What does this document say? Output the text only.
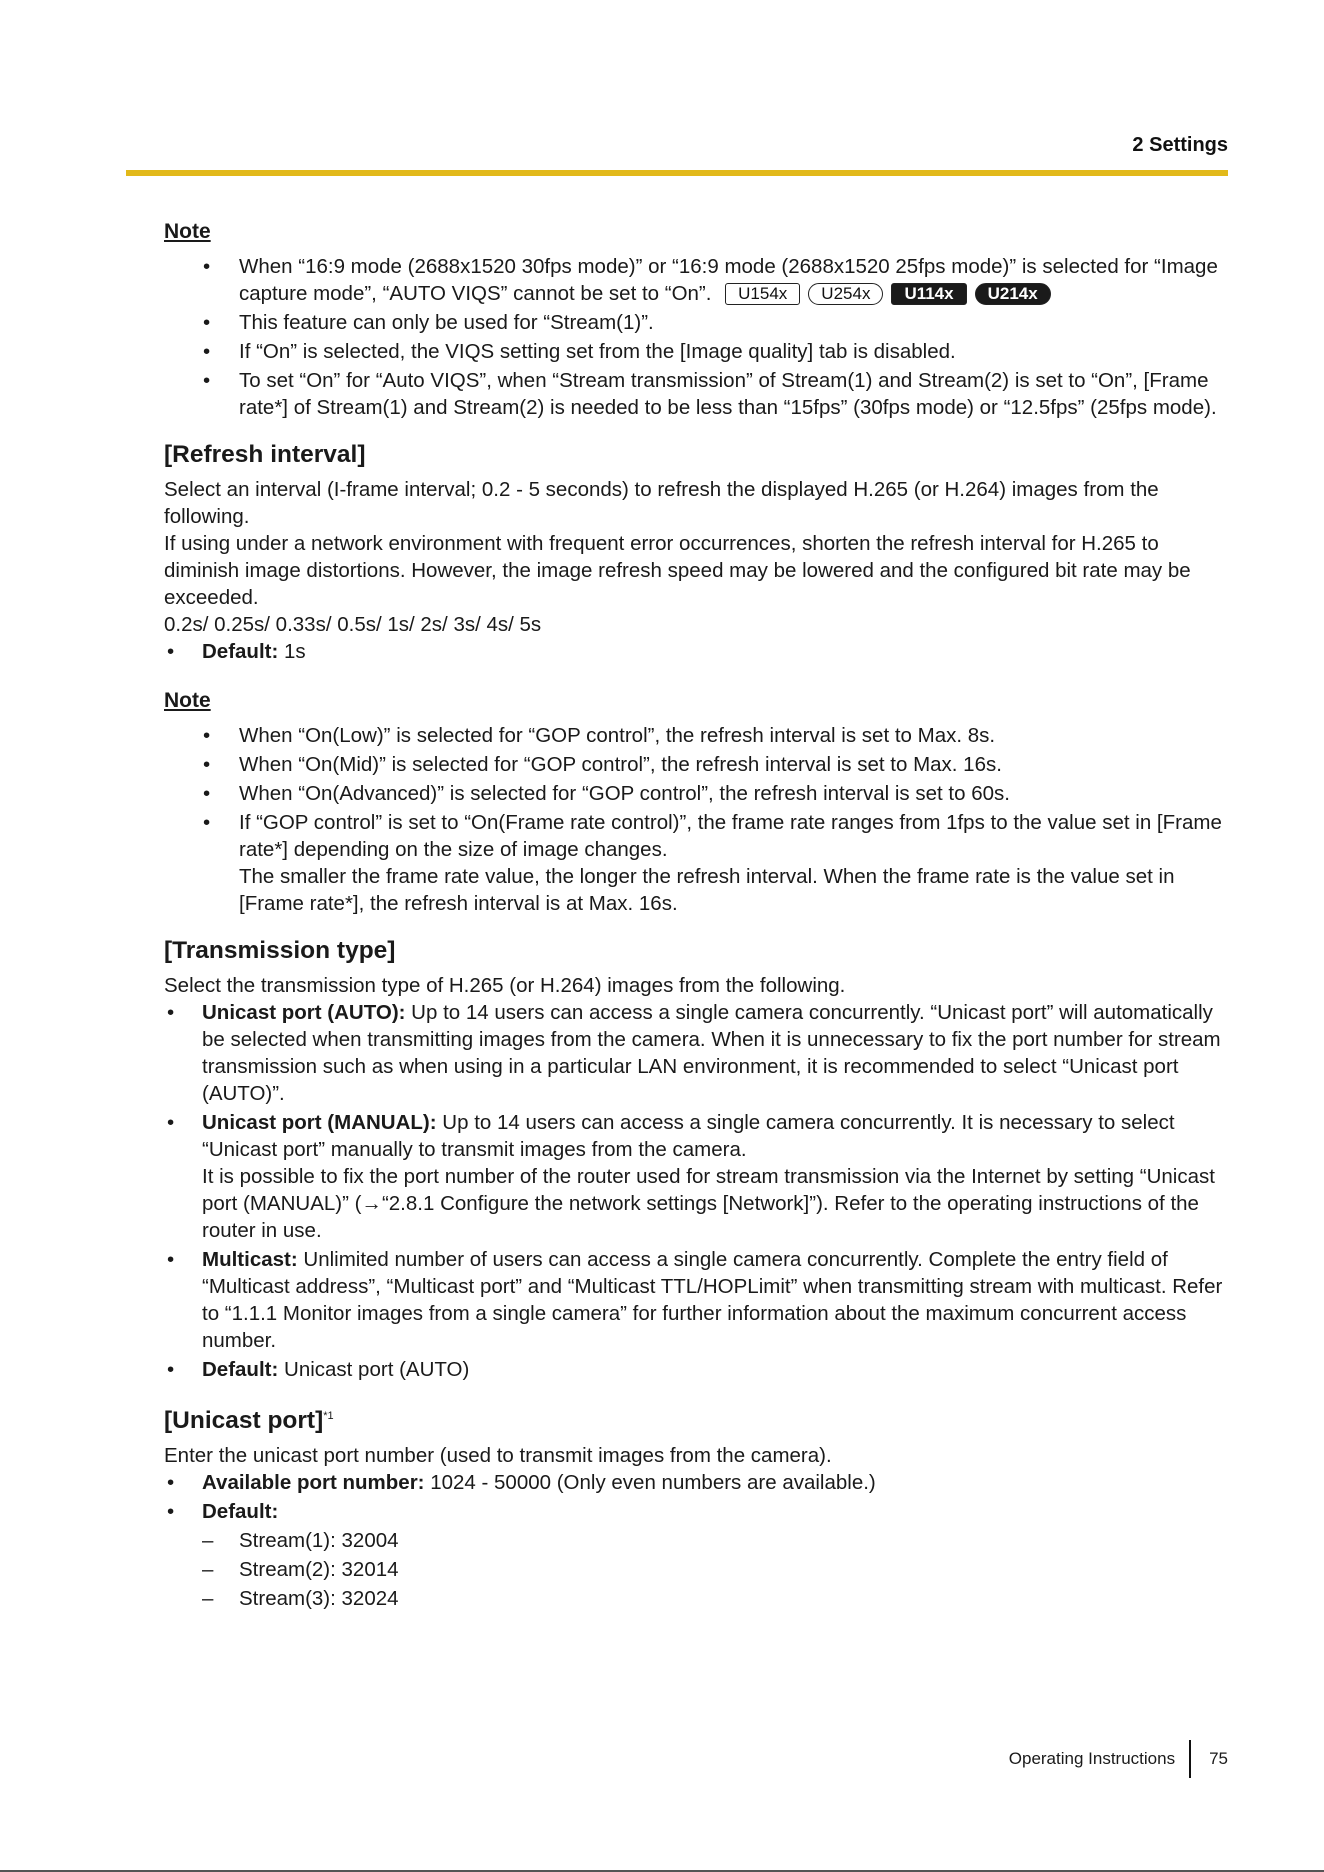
2 Settings
Note
• When “16:9 mode (2688x1520 30fps mode)” or “16:9 mode (2688x1520 25fps mode)” is selected for “Image capture mode”, “AUTO VIQS” cannot be set to “On”. U154x U254x U114x U214x
• This feature can only be used for “Stream(1)”.
• If “On” is selected, the VIQS setting set from the [Image quality] tab is disabled.
• To set “On” for “Auto VIQS”, when “Stream transmission” of Stream(1) and Stream(2) is set to “On”, [Frame rate*] of Stream(1) and Stream(2) is needed to be less than “15fps” (30fps mode) or “12.5fps” (25fps mode).
[Refresh interval]

Select an interval (I-frame interval; 0.2 - 5 seconds) to refresh the displayed H.265 (or H.264) images from the following.

If using under a network environment with frequent error occurrences, shorten the refresh interval for H.265 to diminish image distortions. However, the image refresh speed may be lowered and the configured bit rate may be exceeded.

0.2s/ 0.25s/ 0.33s/ 0.5s/ 1s/ 2s/ 3s/ 4s/ 5s

• Default: 1s
Note
• When “On(Low)” is selected for “GOP control”, the refresh interval is set to Max. 8s.
• When “On(Mid)” is selected for “GOP control”, the refresh interval is set to Max. 16s.
• When “On(Advanced)” is selected for “GOP control”, the refresh interval is set to 60s.
• If “GOP control” is set to “On(Frame rate control)”, the frame rate ranges from 1fps to the value set in [Frame rate*] depending on the size of image changes.
The smaller the frame rate value, the longer the refresh interval. When the frame rate is the value set in [Frame rate*], the refresh interval is at Max. 16s.
[Transmission type]

Select the transmission type of H.265 (or H.264) images from the following.

• Unicast port (AUTO): Up to 14 users can access a single camera concurrently. “Unicast port” will automatically be selected when transmitting images from the camera. When it is unnecessary to fix the port number for stream transmission such as when using in a particular LAN environment, it is recommended to select “Unicast port (AUTO)”.
• Unicast port (MANUAL): Up to 14 users can access a single camera concurrently. It is necessary to select “Unicast port” manually to transmit images from the camera.
It is possible to fix the port number of the router used for stream transmission via the Internet by setting “Unicast port (MANUAL)” (→“2.8.1 Configure the network settings [Network]”). Refer to the operating instructions of the router in use.
• Multicast: Unlimited number of users can access a single camera concurrently. Complete the entry field of “Multicast address”, “Multicast port” and “Multicast TTL/HOPLimit” when transmitting stream with multicast. Refer to “1.1.1 Monitor images from a single camera” for further information about the maximum concurrent access number.
• Default: Unicast port (AUTO)
[Unicast port]$^{*1}$

Enter the unicast port number (used to transmit images from the camera).

• Available port number: 1024 - 50000 (Only even numbers are available.)
• Default:
– Stream(1): 32004
– Stream(2): 32014
– Stream(3): 32024
Operating Instructions 75
